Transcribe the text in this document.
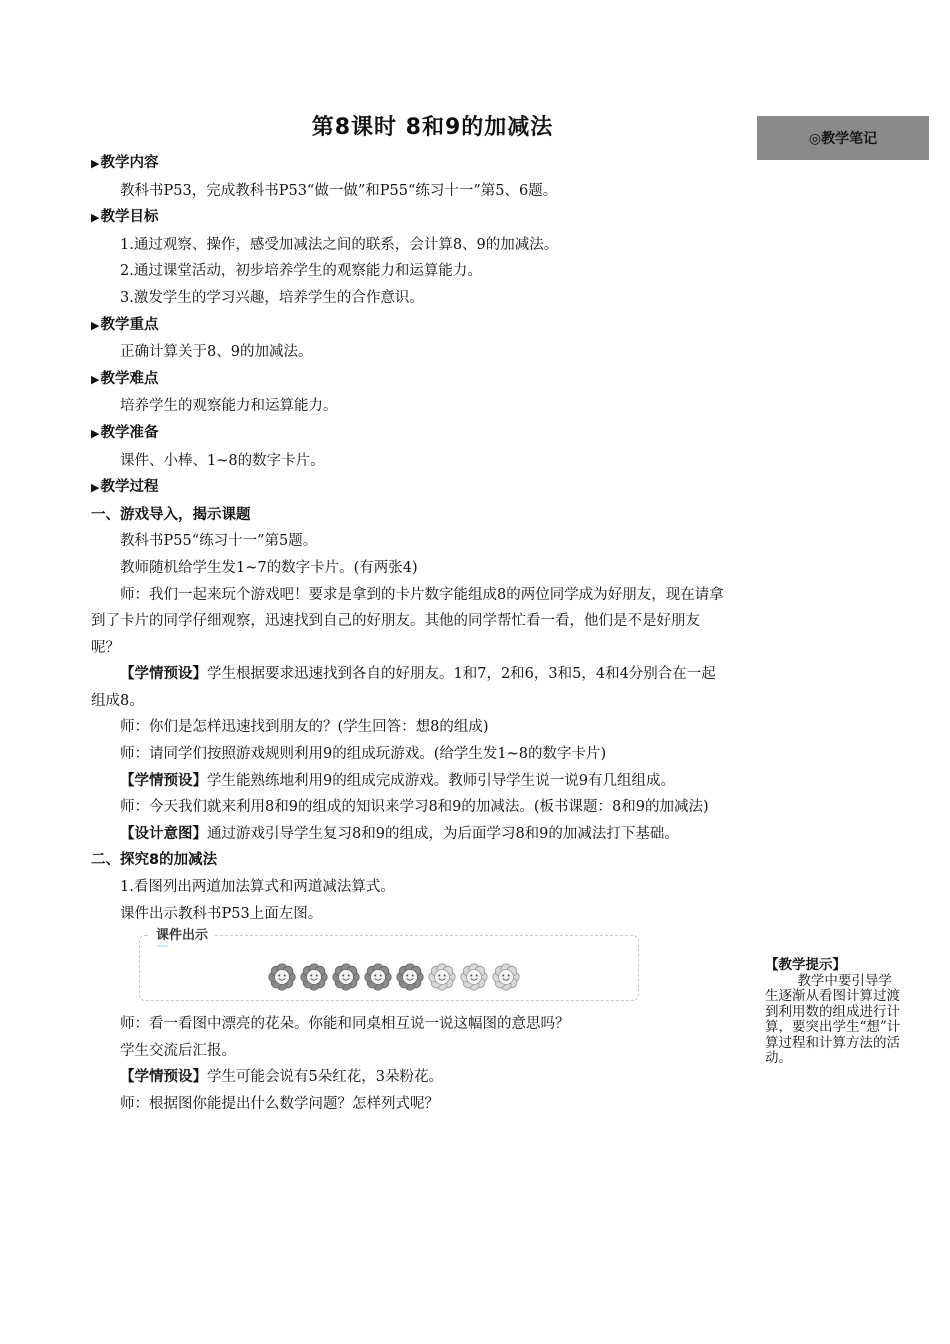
第8课时 8和9的加减法	◎教学笔记

▶教学内容

教科书P53，完成教科书P53“做一做”和P55“练习十一”第5、6题。

▶教学目标

1.通过观察、操作，感受加减法之间的联系，会计算8、9的加减法。

2.通过课堂活动，初步培养学生的观察能力和运算能力。

3.激发学生的学习兴趣，培养学生的合作意识。

▶教学重点

正确计算关于8、9的加减法。

▶教学难点

培养学生的观察能力和运算能力。

▶教学准备

课件、小棒、1~8的数字卡片。

▶教学过程

一、游戏导入，揭示课题

教科书P55“练习十一”第5题。

教师随机给学生发1~7的数字卡片。(有两张4)

师：我们一起来玩个游戏吧！要求是拿到的卡片数字能组成8的两位同学成为好朋友，现在请拿到了卡片的同学仔细观察，迅速找到自己的好朋友。其他的同学帮忙看一看，他们是不是好朋友呢？

【学情预设】学生根据要求迅速找到各自的好朋友。1和7，2和6，3和5，4和4分别合在一起组成8。

师：你们是怎样迅速找到朋友的？(学生回答：想8的组成)

师：请同学们按照游戏规则利用9的组成玩游戏。(给学生发1~8的数字卡片)

【学情预设】学生能熟练地利用9的组成完成游戏。教师引导学生说一说9有几组组成。

师：今天我们就来利用8和9的组成的知识来学习8和9的加减法。(板书课题：8和9的加减法)

【设计意图】通过游戏引导学生复习8和9的组成，为后面学习8和9的加减法打下基础。

二、探究8的加减法

1.看图列出两道加法算式和两道减法算式。

课件出示教科书P53上面左图。

课件出示

师：看一看图中漂亮的花朵。你能和同桌相互说一说这幅图的意思吗？

学生交流后汇报。

【学情预设】学生可能会说有5朵红花，3朵粉花。

师：根据图你能提出什么数学问题？怎样列式呢？

【教学提示】

教学中要引导学生逐渐从看图计算过渡到利用数的组成进行计算，要突出学生“想”计算过程和计算方法的活动。
